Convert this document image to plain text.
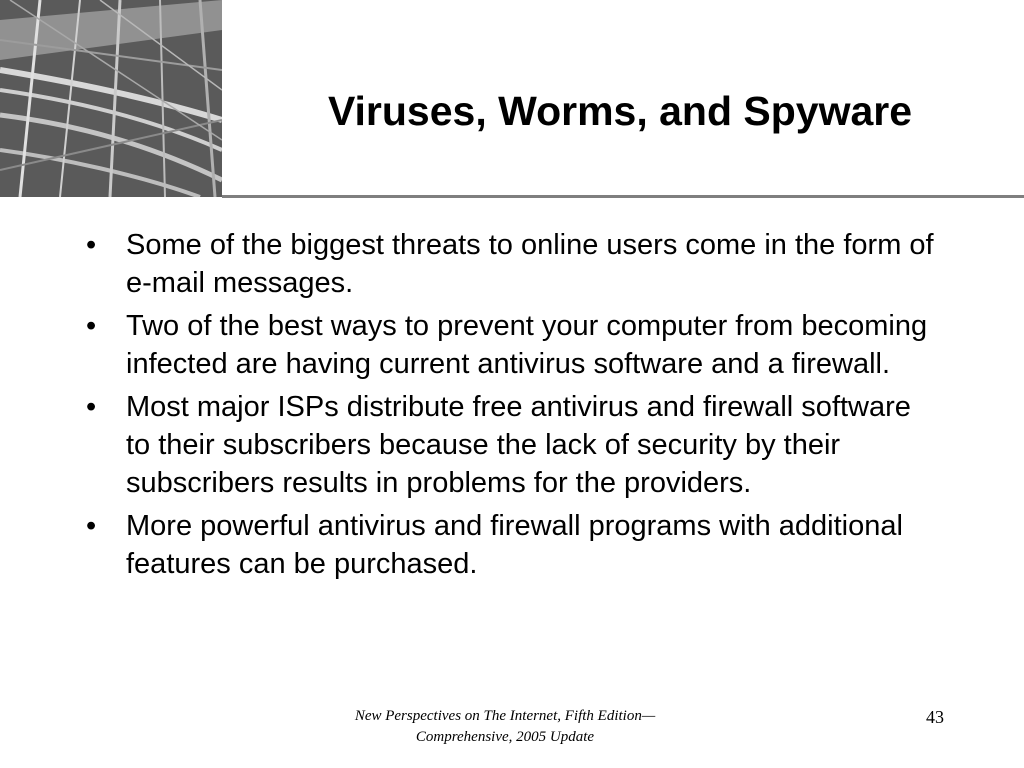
Viruses, Worms, and Spyware
• Some of the biggest threats to online users come in the form of e-mail messages.
• Two of the best ways to prevent your computer from becoming infected are having current antivirus software and a firewall.
• Most major ISPs distribute free antivirus and firewall software to their subscribers because the lack of security by their subscribers results in problems for the providers.
• More powerful antivirus and firewall programs with additional features can be purchased.

New Perspectives on The Internet, Fifth Edition—
Comprehensive, 2005 Update

43
